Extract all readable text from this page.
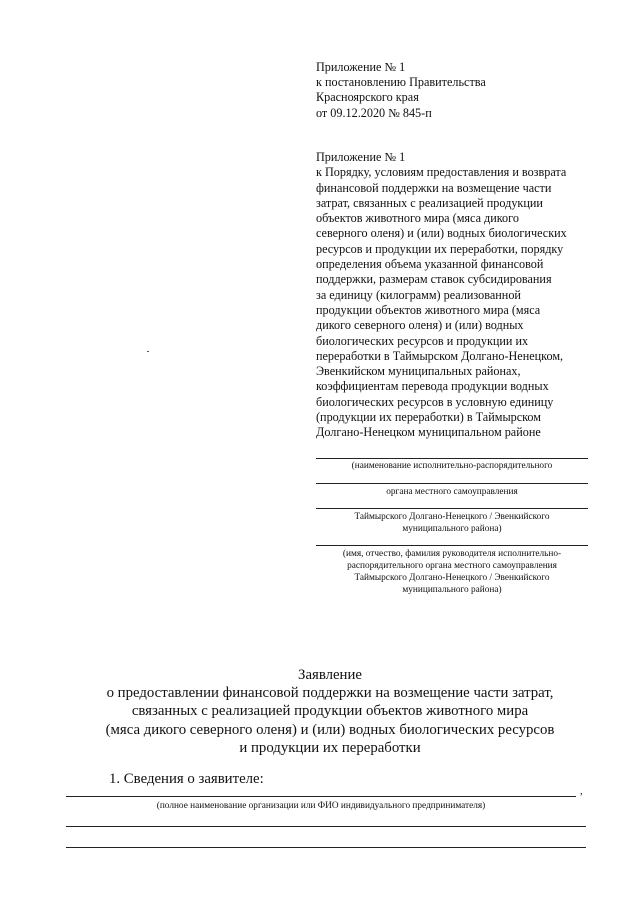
Приложение № 1
к постановлению Правительства
Красноярского края
от 09.12.2020 № 845-п
Приложение № 1
к Порядку, условиям предоставления и возврата
финансовой поддержки на возмещение части
затрат, связанных с реализацией продукции
объектов животного мира (мяса дикого
северного оленя) и (или) водных биологических
ресурсов и продукции их переработки, порядку
определения объема указанной финансовой
поддержки, размерам ставок субсидирования
за единицу (килограмм) реализованной
продукции объектов животного мира (мяса
дикого северного оленя) и (или) водных
биологических ресурсов и продукции их
переработки в Таймырском Долгано-Ненецком,
Эвенкийском муниципальных районах,
коэффициентам перевода продукции водных
биологических ресурсов в условную единицу
(продукции их переработки) в Таймырском
Долгано-Ненецком муниципальном районе
(наименование исполнительно-распорядительного
органа местного самоуправления
Таймырского Долгано-Ненецкого / Эвенкийского
муниципального района)
(имя, отчество, фамилия руководителя исполнительно-
распорядительного органа местного самоуправления
Таймырского Долгано-Ненецкого / Эвенкийского
муниципального района)
Заявление
о предоставлении финансовой поддержки на возмещение части затрат,
связанных с реализацией продукции объектов животного мира
(мяса дикого северного оленя) и (или) водных биологических ресурсов
и продукции их переработки
1. Сведения о заявителе:
,
(полное наименование организации или ФИО индивидуального предпринимателя)
